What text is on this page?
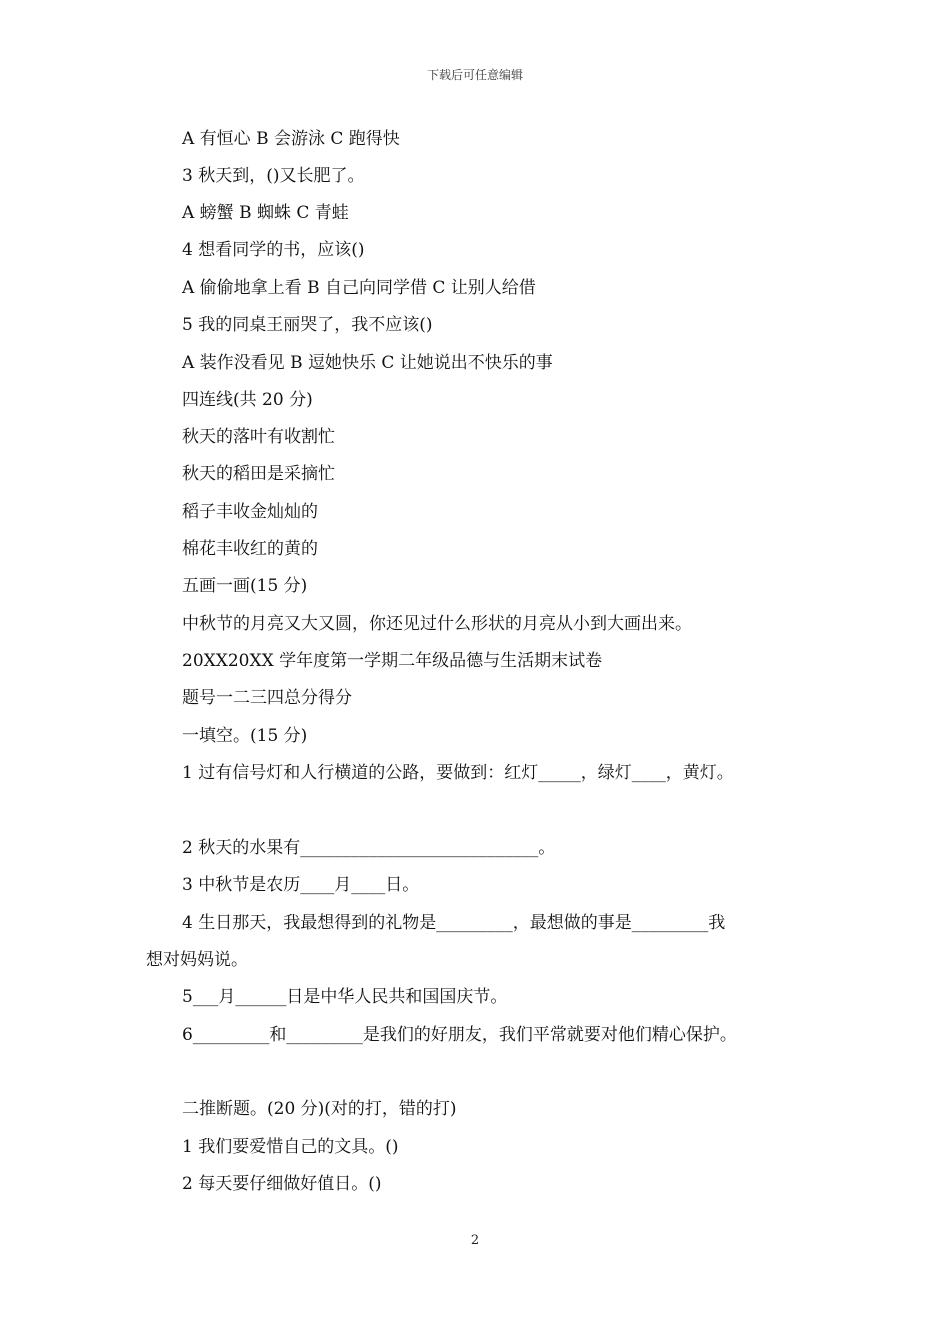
下载后可任意编辑
A 有恒心 B 会游泳 C 跑得快
3 秋天到，()又长肥了。
A 螃蟹 B 蜘蛛 C 青蛙
4 想看同学的书，应该()
A 偷偷地拿上看 B 自己向同学借 C 让别人给借
5 我的同桌王丽哭了，我不应该()
A 装作没看见 B 逗她快乐 C 让她说出不快乐的事
四连线(共 20 分)
秋天的落叶有收割忙
秋天的稻田是采摘忙
稻子丰收金灿灿的
棉花丰收红的黄的
五画一画(15 分)
中秋节的月亮又大又圆，你还见过什么形状的月亮从小到大画出来。
20XX20XX 学年度第一学期二年级品德与生活期末试卷
题号一二三四总分得分
一填空。(15 分)
1 过有信号灯和人行横道的公路，要做到：红灯_____，绿灯____，黄灯。
2 秋天的水果有____________________________。
3 中秋节是农历____月____日。
4 生日那天，我最想得到的礼物是_________，最想做的事是_________我
想对妈妈说。
5___月______日是中华人民共和国国庆节。
6_________和_________是我们的好朋友，我们平常就要对他们精心保护。
二推断题。(20 分)(对的打，错的打)
1 我们要爱惜自己的文具。()
2 每天要仔细做好值日。()
2
